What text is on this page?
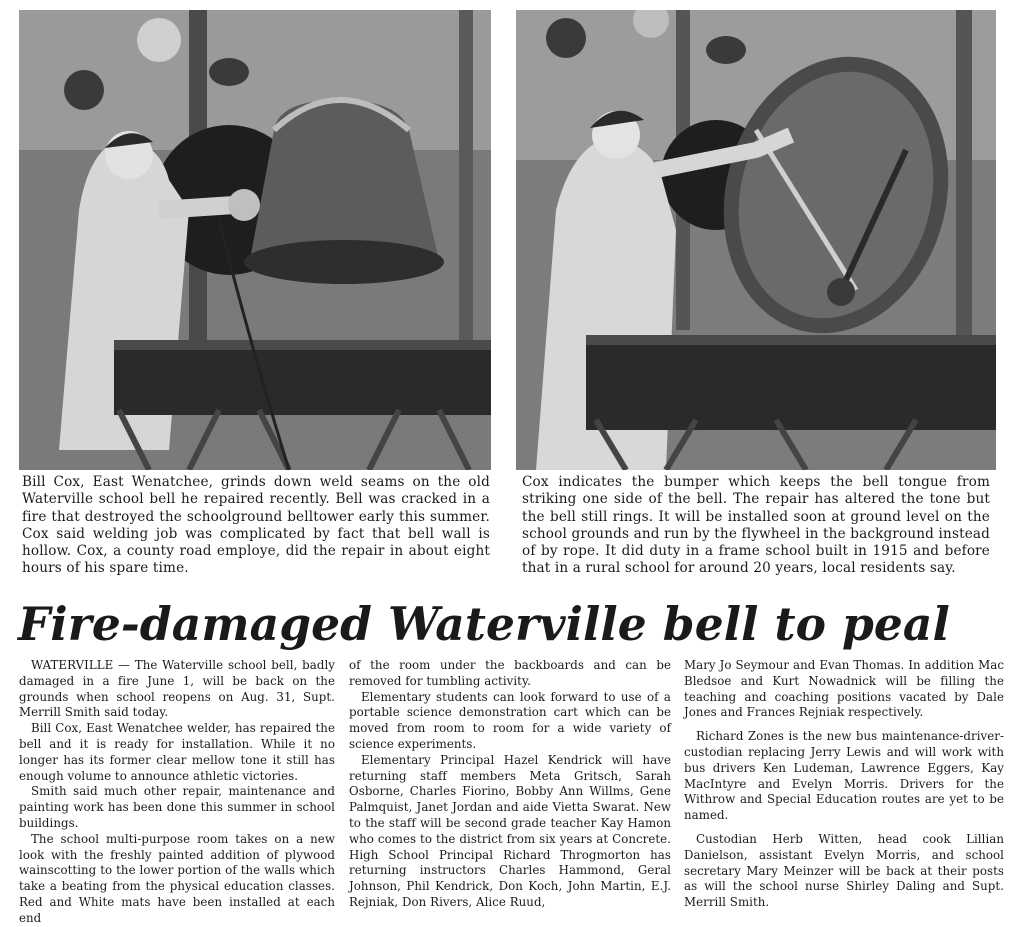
Bill Cox, East Wenatchee, grinds down weld seams on the old Waterville school bell he repaired recently. Bell was cracked in a fire that destroyed the schoolground belltower early this summer. Cox said welding job was complicated by fact that bell wall is hollow. Cox, a county road employe, did the repair in about eight hours of his spare time.

Cox indicates the bumper which keeps the bell tongue from striking one side of the bell. The repair has altered the tone but the bell still rings. It will be installed soon at ground level on the school grounds and run by the flywheel in the background instead of by rope. It did duty in a frame school built in 1915 and before that in a rural school for around 20 years, local residents say.

Fire-damaged Waterville bell to peal

WATERVILLE — The Waterville school bell, badly damaged in a fire June 1, will be back on the grounds when school reopens on Aug. 31, Supt. Merrill Smith said today.

Bill Cox, East Wenatchee welder, has repaired the bell and it is ready for installation. While it no longer has its former clear mellow tone it still has enough volume to announce athletic victories.

Smith said much other repair, maintenance and painting work has been done this summer in school buildings.

The school multi-purpose room takes on a new look with the freshly painted addition of plywood wainscotting to the lower portion of the walls which take a beating from the physical education classes. Red and White mats have been installed at each end

of the room under the backboards and can be removed for tumbling activity.

Elementary students can look forward to use of a portable science demonstration cart which can be moved from room to room for a wide variety of science experiments.

Elementary Principal Hazel Kendrick will have returning staff members Meta Gritsch, Sarah Osborne, Charles Fiorino, Bobby Ann Willms, Gene Palmquist, Janet Jordan and aide Vietta Swarat. New to the staff will be second grade teacher Kay Hamon who comes to the district from six years at Concrete. High School Principal Richard Throgmorton has returning instructors Charles Hammond, Geral Johnson, Phil Kendrick, Don Koch, John Martin, E.J. Rejniak, Don Rivers, Alice Ruud,

Mary Jo Seymour and Evan Thomas. In addition Mac Bledsoe and Kurt Nowadnick will be filling the teaching and coaching positions vacated by Dale Jones and Frances Rejniak respectively.

Richard Zones is the new bus maintenance-driver-custodian replacing Jerry Lewis and will work with bus drivers Ken Ludeman, Lawrence Eggers, Kay MacIntyre and Evelyn Morris. Drivers for the Withrow and Special Education routes are yet to be named.

Custodian Herb Witten, head cook Lillian Danielson, assistant Evelyn Morris, and school secretary Mary Meinzer will be back at their posts as will the school nurse Shirley Daling and Supt. Merrill Smith.
